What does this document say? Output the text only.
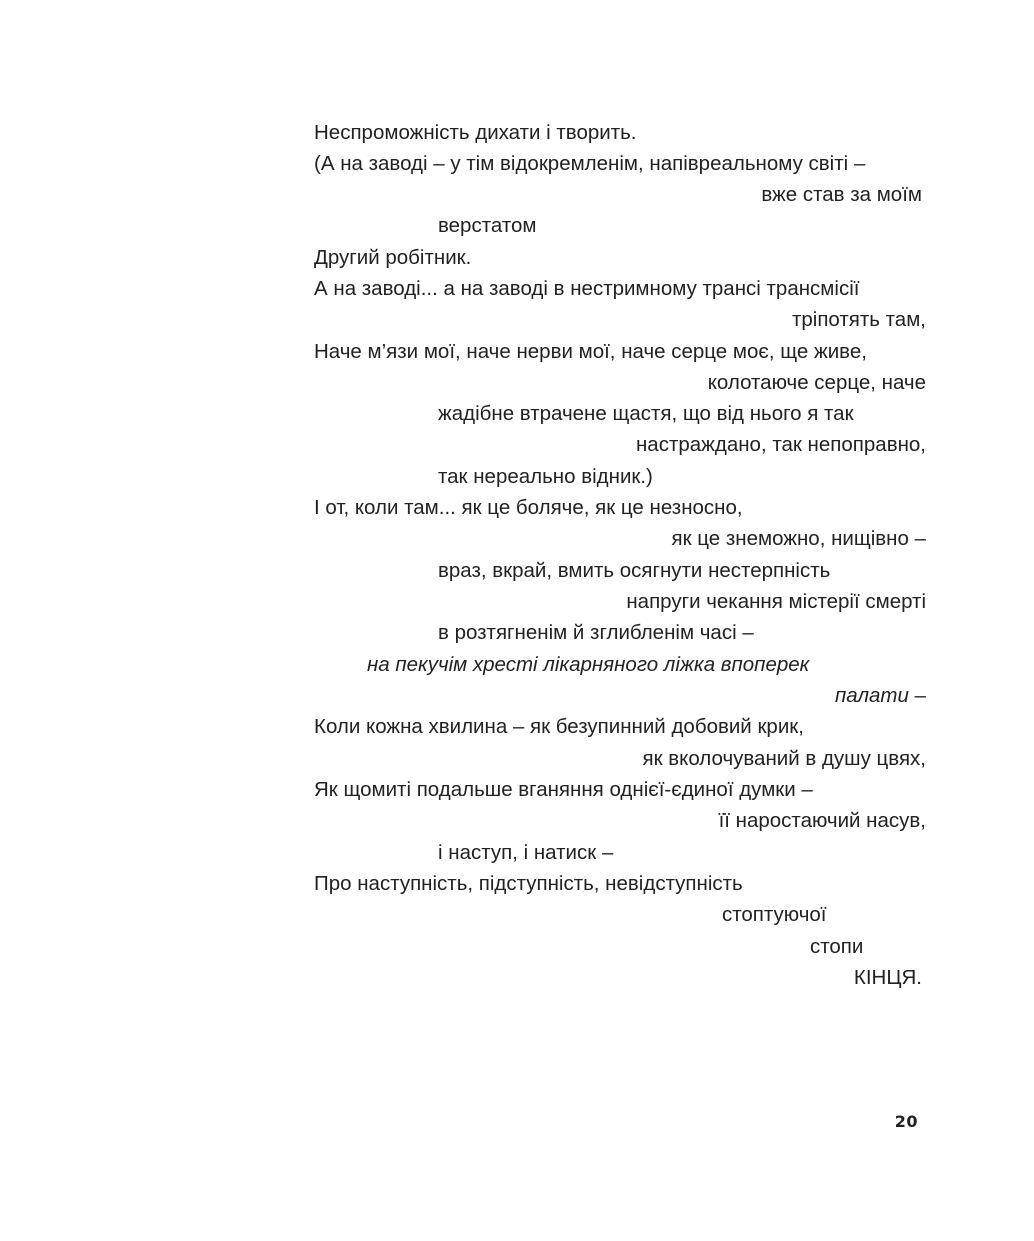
Неспроможність дихати і творить.
(А на заводі – у тім відокремленім, напівреальному світі –
вже став за моїм
верстатом
Другий робітник.
А на заводі... а на заводі в нестримному трансі трансмісії
тріпотять там,
Наче м’язи мої, наче нерви мої, наче серце моє, ще живе,
колотаюче серце, наче
жадібне втрачене щастя, що від нього я так
настраждано, так непоправно,
так нереально відник.)
І от, коли там... як це боляче, як це незносно,
як це знеможно, нищівно –
враз, вкрай, вмить осягнути нестерпність
напруги чекання містерії смерті
в розтягненім й зглибленім часі –
на пекучім хресті лікарняного ліжка впоперек
палати –
Коли кожна хвилина – як безупинний добовий крик,
як вколочуваний в душу цвях,
Як щомиті подальше вганяння однієї-єдиної думки –
її наростаючий насув,
і наступ, і натиск –
Про наступність, підступність, невідступність
стоптуючої
стопи
КІНЦЯ.
20
